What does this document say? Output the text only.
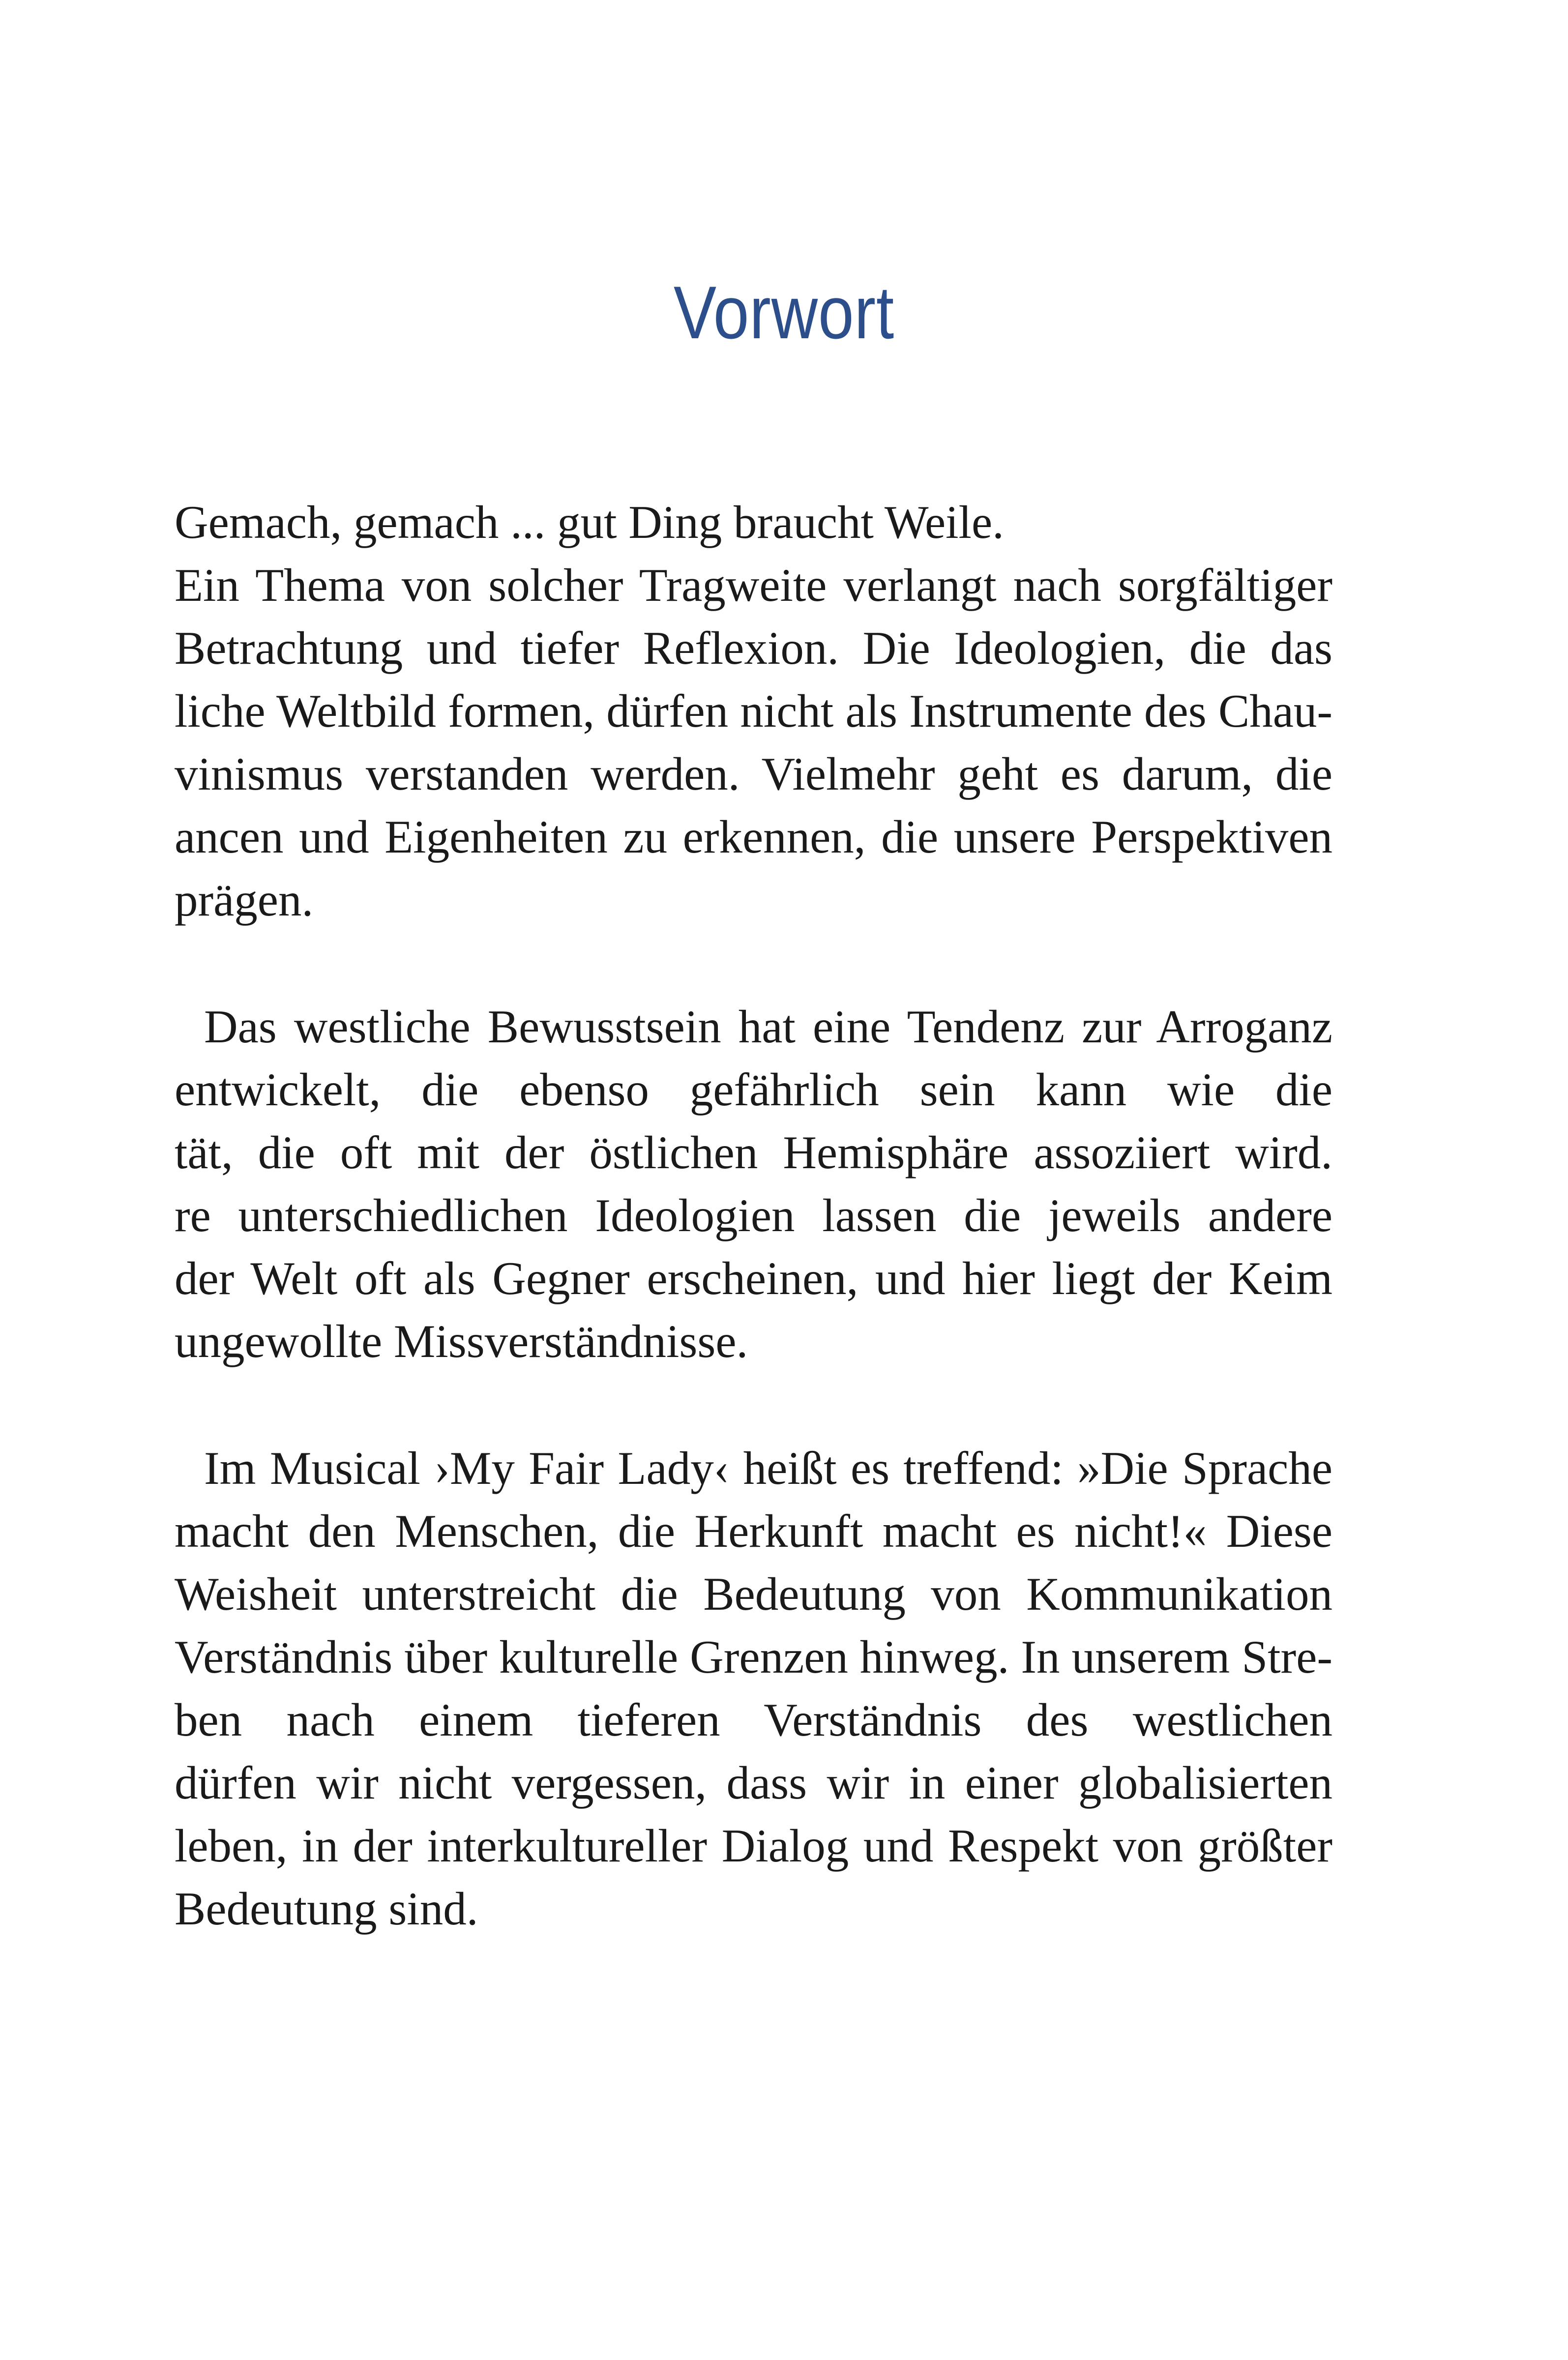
Vorwort
Gemach, gemach ... gut Ding braucht Weile.
Ein Thema von solcher Tragweite verlangt nach sorgfältiger
Betrachtung und tiefer Reflexion. Die Ideologien, die das
liche Weltbild formen, dürfen nicht als Instrumente des Chau-
vinismus verstanden werden. Vielmehr geht es darum, die
ancen und Eigenheiten zu erkennen, die unsere Perspektiven
prägen.
Das westliche Bewusstsein hat eine Tendenz zur Arroganz
entwickelt, die ebenso gefährlich sein kann wie die
tät, die oft mit der östlichen Hemisphäre assoziiert wird.
re unterschiedlichen Ideologien lassen die jeweils andere
der Welt oft als Gegner erscheinen, und hier liegt der Keim
ungewollte Missverständnisse.
Im Musical ›My Fair Lady‹ heißt es treffend: »Die Sprache
macht den Menschen, die Herkunft macht es nicht!« Diese
Weisheit unterstreicht die Bedeutung von Kommunikation
Verständnis über kulturelle Grenzen hinweg. In unserem Stre-
ben nach einem tieferen Verständnis des westlichen
dürfen wir nicht vergessen, dass wir in einer globalisierten
leben, in der interkultureller Dialog und Respekt von größter
Bedeutung sind.
